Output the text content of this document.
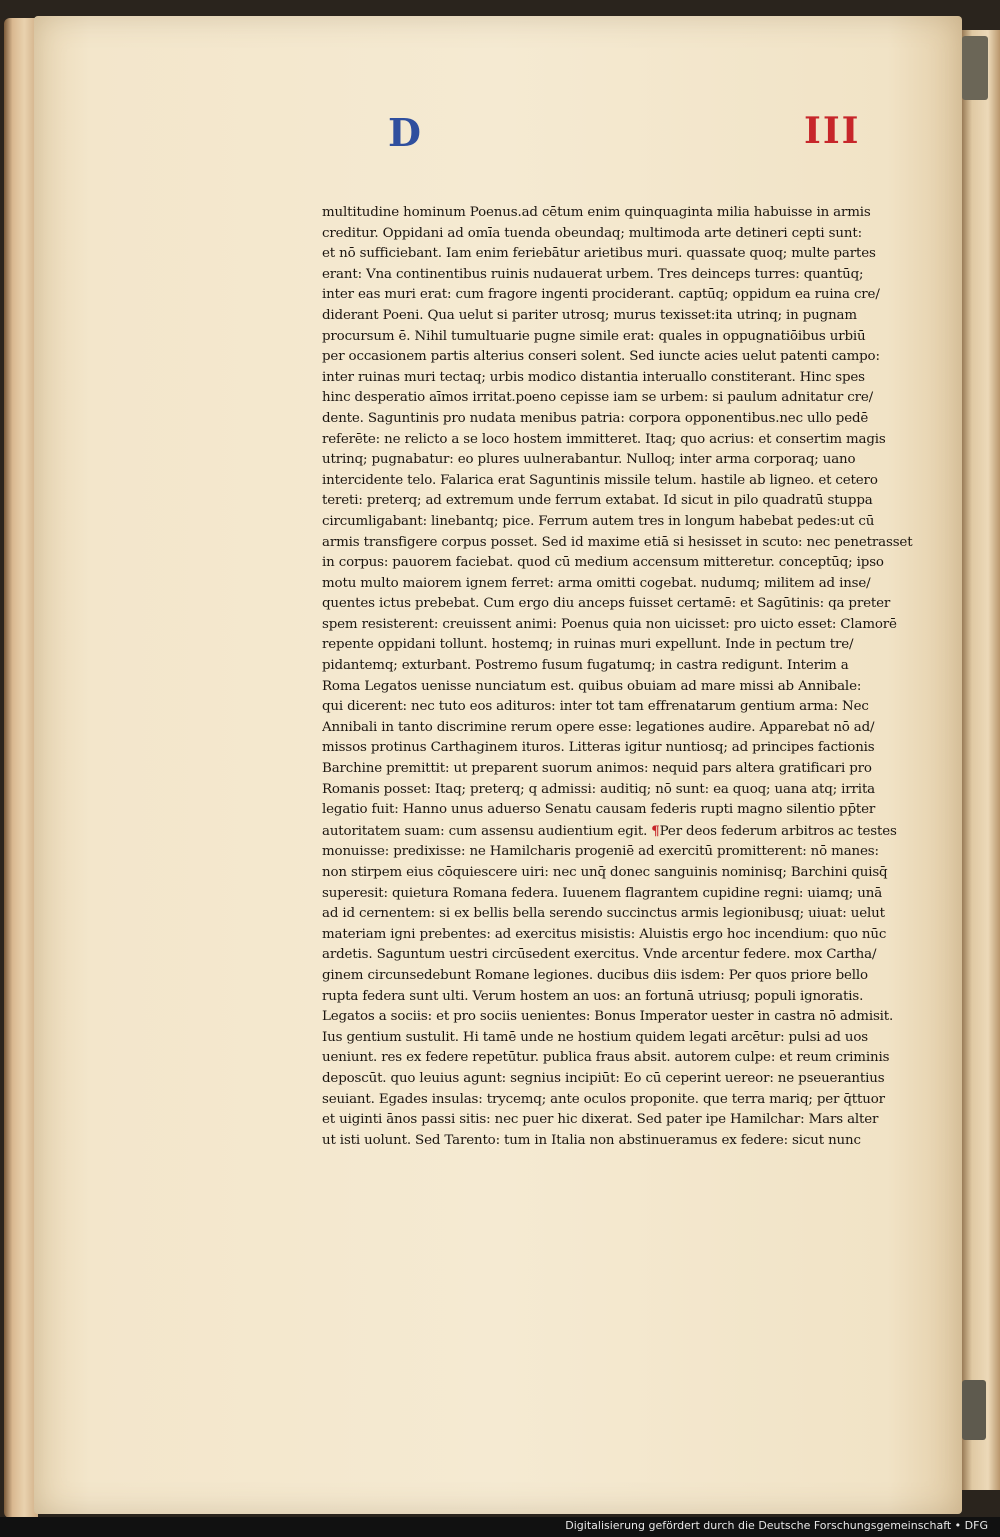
D	III
multitudine hominum Poenus.ad cētum enim quinquaginta milia habuisse in armis
creditur. Oppidani ad omīa tuenda obeundaq; multimoda arte detineri cepti sunt:
et nō sufficiebant. Iam enim feriebātur arietibus muri. quassate quoq; multe partes
erant: Vna continentibus ruinis nudauerat urbem. Tres deinceps turres: quantūq;
inter eas muri erat: cum fragore ingenti prociderant. captūq; oppidum ea ruina cre/
diderant Poeni. Qua uelut si pariter utrosq; murus texisset:ita utrinq; in pugnam
procursum ē. Nihil tumultuarie pugne simile erat: quales in oppugnatiōibus urbiū
per occasionem partis alterius conseri solent. Sed iuncte acies uelut patenti campo:
inter ruinas muri tectaq; urbis modico distantia interuallo constiterant. Hinc spes
hinc desperatio aīmos irritat.poeno cepisse iam se urbem: si paulum adnitatur cre/
dente. Saguntinis pro nudata menibus patria: corpora opponentibus.nec ullo pedē
referēte: ne relicto a se loco hostem immitteret. Itaq; quo acrius: et consertim magis
utrinq; pugnabatur: eo plures uulnerabantur. Nulloq; inter arma corporaq; uano
intercidente telo. Falarica erat Saguntinis missile telum. hastile ab ligneo. et cetero
tereti: preterq; ad extremum unde ferrum extabat. Id sicut in pilo quadratū stuppa
circumligabant: linebantq; pice. Ferrum autem tres in longum habebat pedes:ut cū
armis transfigere corpus posset. Sed id maxime etiā si hesisset in scuto: nec penetrasset
in corpus: pauorem faciebat. quod cū medium accensum mitteretur. conceptūq; ipso
motu multo maiorem ignem ferret: arma omitti cogebat. nudumq; militem ad inse/
quentes ictus prebebat. Cum ergo diu anceps fuisset certamē: et Sagūtinis: qa preter
spem resisterent: creuissent animi: Poenus quia non uicisset: pro uicto esset: Clamorē
repente oppidani tollunt. hostemq; in ruinas muri expellunt. Inde in pectum tre/
pidantemq; exturbant. Postremo fusum fugatumq; in castra redigunt. Interim a
Roma Legatos uenisse nunciatum est. quibus obuiam ad mare missi ab Annibale:
qui dicerent: nec tuto eos adituros: inter tot tam effrenatarum gentium arma: Nec
Annibali in tanto discrimine rerum opere esse: legationes audire. Apparebat nō ad/
missos protinus Carthaginem ituros. Litteras igitur nuntiosq; ad principes factionis
Barchine premittit: ut preparent suorum animos: nequid pars altera gratificari pro
Romanis posset: Itaq; preterq; q admissi: auditiq; nō sunt: ea quoq; uana atq; irrita
legatio fuit: Hanno unus aduerso Senatu causam federis rupti magno silentio pp̄ter
autoritatem suam: cum assensu audientium egit. ¶Per deos federum arbitros ac testes
monuisse: predixisse: ne Hamilcharis progeniē ad exercitū promitterent: nō manes:
non stirpem eius cōquiescere uiri: nec unq̄ donec sanguinis nominisq; Barchini quisq̄
superesit: quietura Romana federa. Iuuenem flagrantem cupidine regni: uiamq; unā
ad id cernentem: si ex bellis bella serendo succinctus armis legionibusq; uiuat: uelut
materiam igni prebentes: ad exercitus misistis: Aluistis ergo hoc incendium: quo nūc
ardetis. Saguntum uestri circūsedent exercitus. Vnde arcentur federe. mox Cartha/
ginem circunsedebunt Romane legiones. ducibus diis isdem: Per quos priore bello
rupta federa sunt ulti. Verum hostem an uos: an fortunā utriusq; populi ignoratis.
Legatos a sociis: et pro sociis uenientes: Bonus Imperator uester in castra nō admisit.
Ius gentium sustulit. Hi tamē unde ne hostium quidem legati arcētur: pulsi ad uos
ueniunt. res ex federe repetūtur. publica fraus absit. autorem culpe: et reum criminis
deposcūt. quo leuius agunt: segnius incipiūt: Eo cū ceperint uereor: ne pseuerantius
seuiant. Egades insulas: trycemq; ante oculos proponite. que terra mariq; per q̄ttuor
et uiginti ānos passi sitis: nec puer hic dixerat. Sed pater ipe Hamilchar: Mars alter
ut isti uolunt. Sed Tarento: tum in Italia non abstinueramus ex federe: sicut nunc
Digitalisierung gefördert durch die Deutsche Forschungsgemeinschaft • DFG
